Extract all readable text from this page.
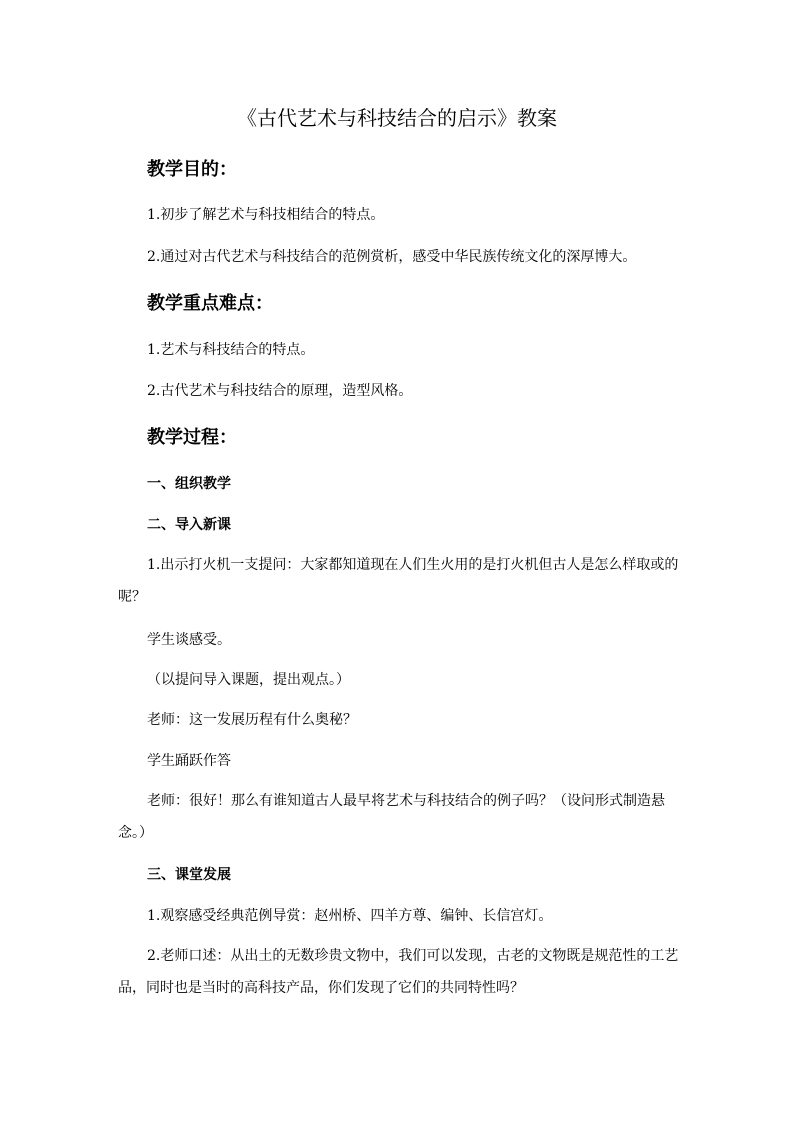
《古代艺术与科技结合的启示》教案
教学目的：

1.初步了解艺术与科技相结合的特点。

2.通过对古代艺术与科技结合的范例赏析，感受中华民族传统文化的深厚博大。

教学重点难点：

1.艺术与科技结合的特点。

2.古代艺术与科技结合的原理，造型风格。

教学过程：
一、组织教学
二、导入新课
1.出示打火机一支提问：大家都知道现在人们生火用的是打火机但古人是怎么样取或的
呢？

学生谈感受。

（以提问导入课题，提出观点。）

老师：这一发展历程有什么奥秘？

学生踊跃作答

老师：很好！那么有谁知道古人最早将艺术与科技结合的例子吗？（设问形式制造悬
念。）
三、课堂发展

1.观察感受经典范例导赏：赵州桥、四羊方尊、编钟、长信宫灯。

2.老师口述：从出土的无数珍贵文物中，我们可以发现，古老的文物既是规范性的工艺
品，同时也是当时的高科技产品，你们发现了它们的共同特性吗？
